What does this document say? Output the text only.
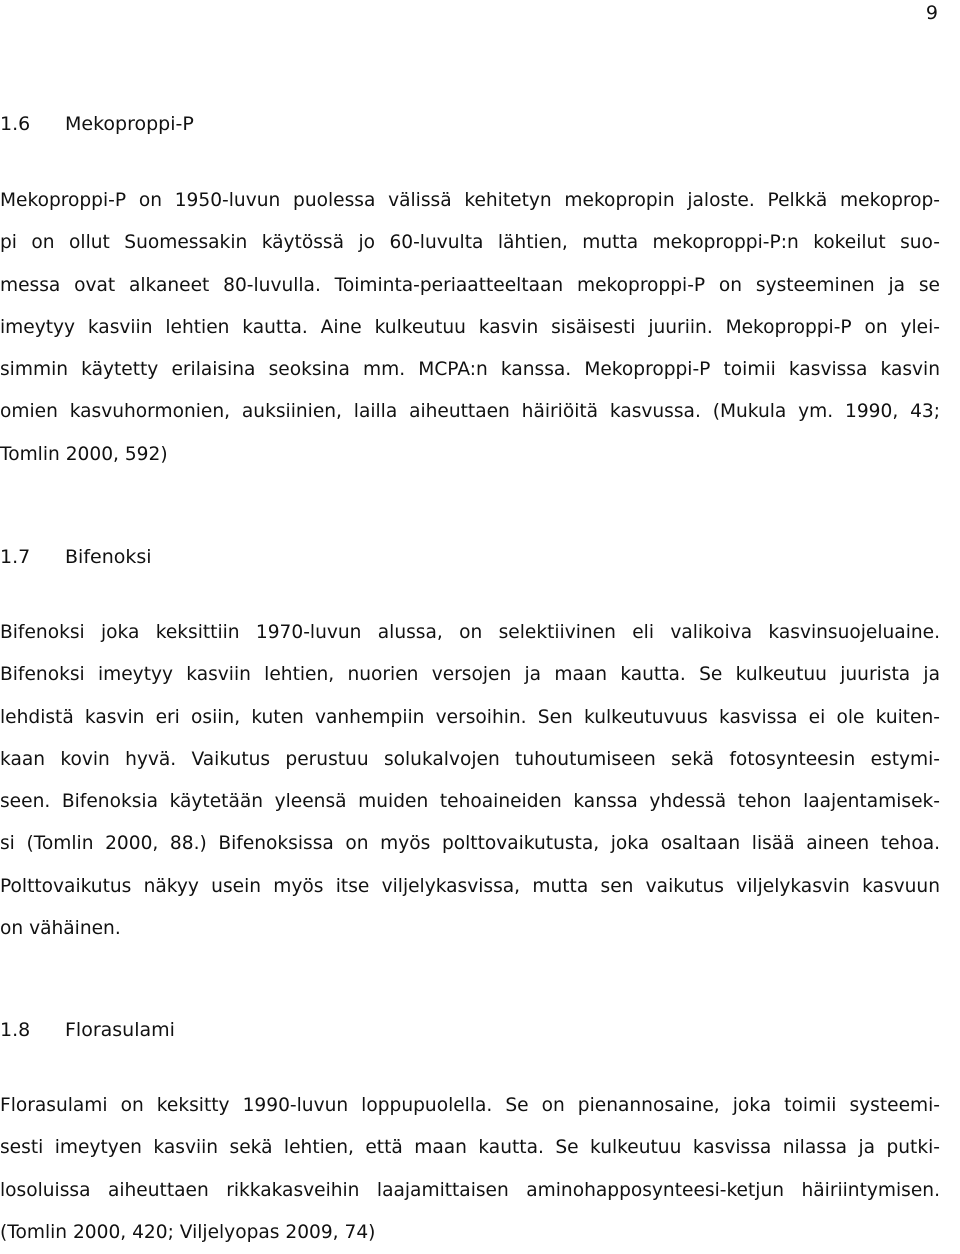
9
1.6 Mekoproppi-P
Mekoproppi-P on 1950-luvun puolessa välissä kehitetyn mekopropin jaloste. Pelkkä mekoprop-
pi on ollut Suomessakin käytössä jo 60-luvulta lähtien, mutta mekoproppi-P:n kokeilut suo-
messa ovat alkaneet 80-luvulla. Toiminta-periaatteeltaan mekoproppi-P on systeeminen ja se
imeytyy kasviin lehtien kautta. Aine kulkeutuu kasvin sisäisesti juuriin. Mekoproppi-P on ylei-
simmin käytetty erilaisina seoksina mm. MCPA:n kanssa. Mekoproppi-P toimii kasvissa kasvin
omien kasvuhormonien, auksiinien, lailla aiheuttaen häiriöitä kasvussa. (Mukula ym. 1990, 43;
Tomlin 2000, 592)
1.7 Bifenoksi
Bifenoksi joka keksittiin 1970-luvun alussa, on selektiivinen eli valikoiva kasvinsuojeluaine.
Bifenoksi imeytyy kasviin lehtien, nuorien versojen ja maan kautta. Se kulkeutuu juurista ja
lehdistä kasvin eri osiin, kuten vanhempiin versoihin. Sen kulkeutuvuus kasvissa ei ole kuiten-
kaan kovin hyvä. Vaikutus perustuu solukalvojen tuhoutumiseen sekä fotosynteesin estymi-
seen. Bifenoksia käytetään yleensä muiden tehoaineiden kanssa yhdessä tehon laajentamisek-
si (Tomlin 2000, 88.) Bifenoksissa on myös polttovaikutusta, joka osaltaan lisää aineen tehoa.
Polttovaikutus näkyy usein myös itse viljelykasvissa, mutta sen vaikutus viljelykasvin kasvuun
on vähäinen.
1.8 Florasulami
Florasulami on keksitty 1990-luvun loppupuolella. Se on pienannosaine, joka toimii systeemi-
sesti imeytyen kasviin sekä lehtien, että maan kautta. Se kulkeutuu kasvissa nilassa ja putki-
losoluissa aiheuttaen rikkakasveihin laajamittaisen aminohapposynteesi-ketjun häiriintymisen.
(Tomlin 2000, 420; Viljelyopas 2009, 74)
